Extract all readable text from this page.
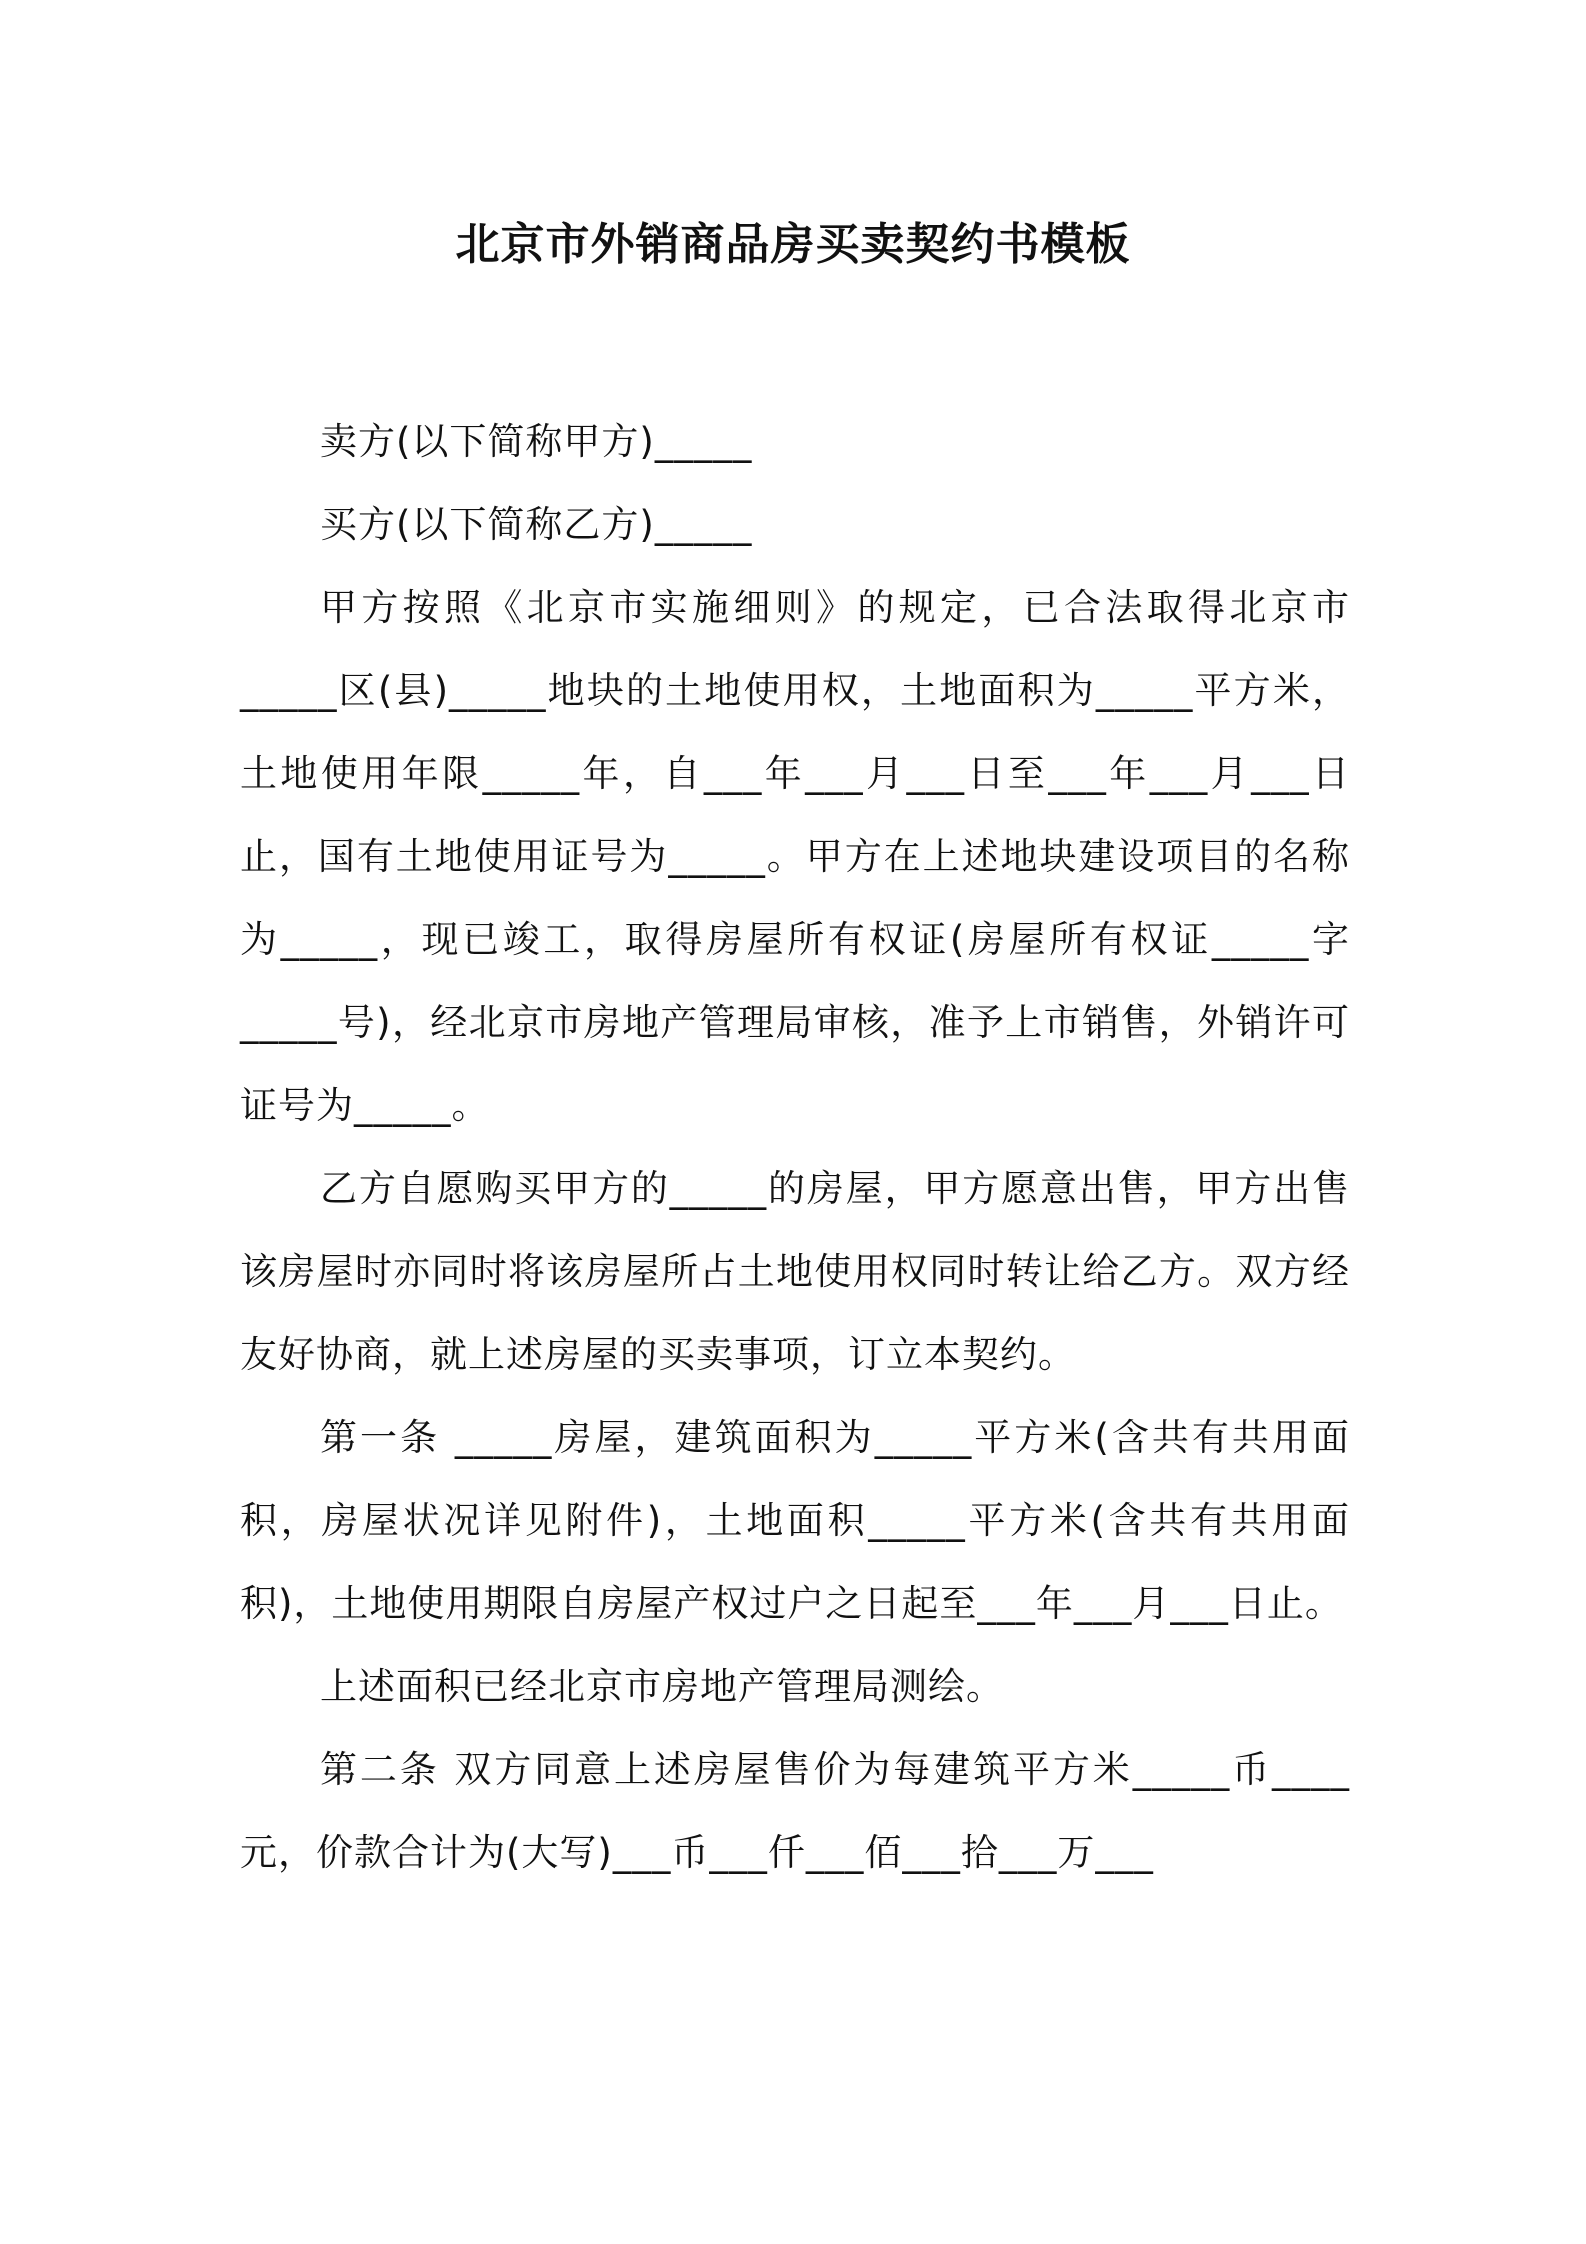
北京市外销商品房买卖契约书模板

卖方(以下简称甲方)_____

买方(以下简称乙方)_____

甲方按照《北京市实施细则》的规定，已合法取得北京市_____区(县)_____地块的土地使用权，土地面积为_____平方米，土地使用年限_____年，自___年___月___日至___年___月___日止，国有土地使用证号为_____。甲方在上述地块建设项目的名称为_____，现已竣工，取得房屋所有权证(房屋所有权证_____字_____号)，经北京市房地产管理局审核，准予上市销售，外销许可证号为_____。

乙方自愿购买甲方的_____的房屋，甲方愿意出售，甲方出售该房屋时亦同时将该房屋所占土地使用权同时转让给乙方。双方经友好协商，就上述房屋的买卖事项，订立本契约。

第一条 _____房屋，建筑面积为_____平方米(含共有共用面积，房屋状况详见附件)，土地面积_____平方米(含共有共用面积)，土地使用期限自房屋产权过户之日起至___年___月___日止。

上述面积已经北京市房地产管理局测绘。

第二条 双方同意上述房屋售价为每建筑平方米_____币____元，价款合计为(大写)___币___仟___佰___拾___万___
